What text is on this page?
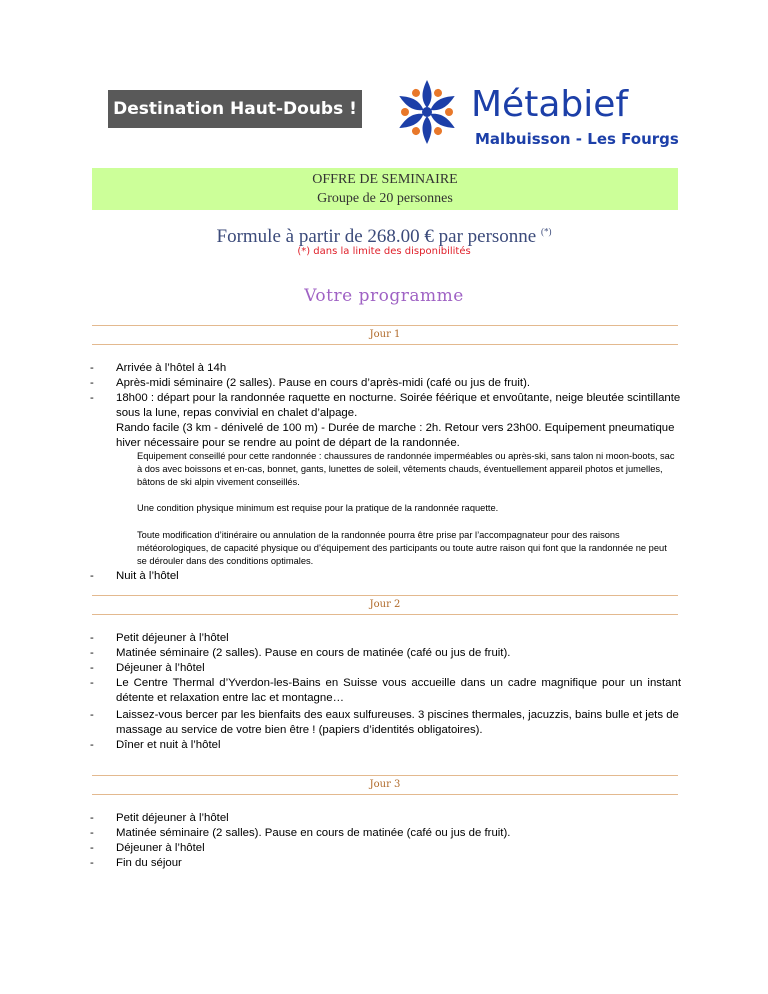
Destination Haut-Doubs !	Métabief
Malbuisson - Les Fourgs
OFFRE DE SEMINAIRE
Groupe de 20 personnes
Formule à partir de 268.00 € par personne (*)
(*) dans la limite des disponibilités
Votre programme
Jour 1
- Arrivée à l’hôtel à 14h
- Après-midi séminaire (2 salles). Pause en cours d’après-midi (café ou jus de fruit).
- 18h00 : départ pour la randonnée raquette en nocturne. Soirée féérique et envoûtante, neige bleutée scintillante sous la lune, repas convivial en chalet d’alpage.
Rando facile (3 km - dénivelé de 100 m) - Durée de marche : 2h. Retour vers 23h00. Equipement pneumatique hiver nécessaire pour se rendre au point de départ de la randonnée.
Equipement conseillé pour cette randonnée : chaussures de randonnée imperméables ou après-ski, sans talon ni moon-boots, sac à dos avec boissons et en-cas, bonnet, gants, lunettes de soleil, vêtements chauds, éventuellement appareil photos et jumelles, bâtons de ski alpin vivement conseillés.
Une condition physique minimum est requise pour la pratique de la randonnée raquette.
Toute modification d’itinéraire ou annulation de la randonnée pourra être prise par l’accompagnateur pour des raisons météorologiques, de capacité physique ou d’équipement des participants ou toute autre raison qui font que la randonnée ne peut se dérouler dans des conditions optimales.
- Nuit à l’hôtel
Jour 2
- Petit déjeuner à l’hôtel
- Matinée séminaire (2 salles). Pause en cours de matinée (café ou jus de fruit).
- Déjeuner à l’hôtel
- Le Centre Thermal d’Yverdon-les-Bains en Suisse vous accueille dans un cadre magnifique pour un instant détente et relaxation entre lac et montagne…
- Laissez-vous bercer par les bienfaits des eaux sulfureuses. 3 piscines thermales, jacuzzis, bains bulle et jets de massage au service de votre bien être ! (papiers d’identités obligatoires).
- Dîner et nuit à l’hôtel
Jour 3
- Petit déjeuner à l’hôtel
- Matinée séminaire (2 salles). Pause en cours de matinée (café ou jus de fruit).
- Déjeuner à l’hôtel
- Fin du séjour
